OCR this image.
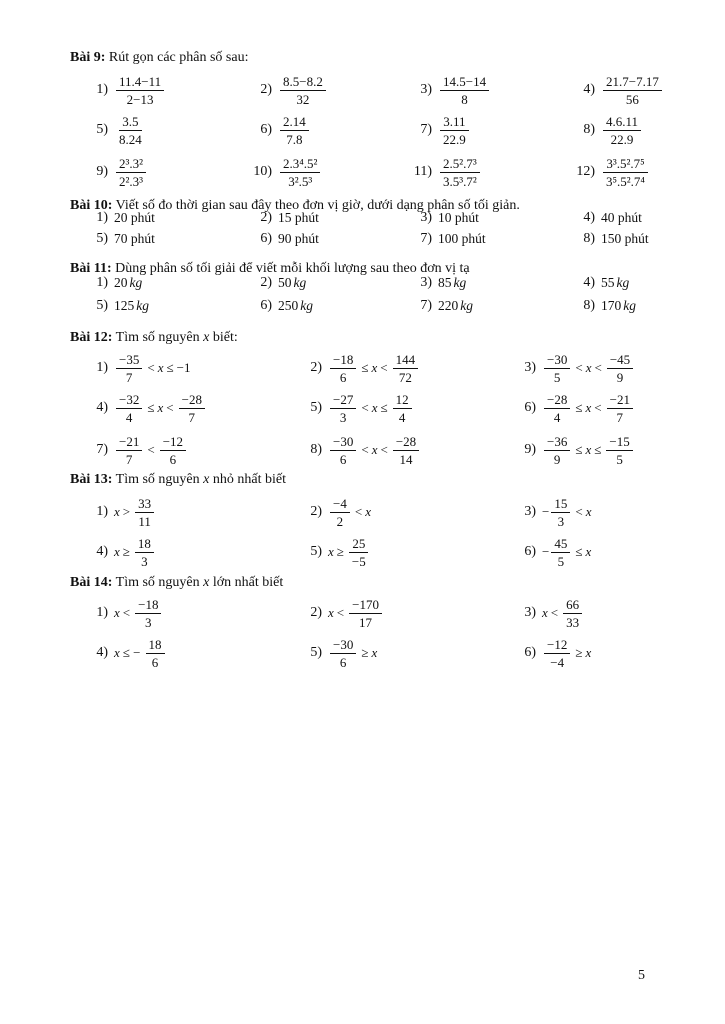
Bài 9: Rút gọn các phân số sau:
$1) \frac{11.4-11}{2-13}$	$2) \frac{8.5-8.2}{32}$	$3) \frac{14.5-14}{8}$	$4) \frac{21.7-7.17}{56}$
$5) \frac{3.5}{8.24}$	$6) \frac{2.14}{7.8}$	$7) \frac{3.11}{22.9}$	$8) \frac{4.6.11}{22.9}$
$9) \frac{\text{2³.3²}}{\text{2².3³}}$	$10) \frac{\text{2.3⁴.5²}}{\text{3².5³}}$	$11) \frac{\text{2.5².7³}}{\text{3.5³.7²}}$	$12) \frac{\text{3³.5².7⁵}}{\text{3⁵.5².7⁴}}$
Bài 10: Viết số đo thời gian sau đây theo đơn vị giờ, dưới dạng phân số tối giản.
1) 20 phút	2) 15 phút	3) 10 phút	4) 40 phút
5) 70 phút	6) 90 phút	7) 100 phút	8) 150 phút
Bài 11: Dùng phân số tối giải để viết mỗi khối lượng sau theo đơn vị tạ
1) 20 kg	2) 50 kg	3) 85 kg	4) 55 kg
5) 125 kg	6) 250 kg	7) 220 kg	8) 170 kg
Bài 12: Tìm số nguyên x biết:
$1) \frac{-35}{7} < x \le -1$	$2) \frac{-18}{6} \le x < \frac{144}{72}$	$3) \frac{-30}{5} < x < \frac{-45}{9}$
$4) \frac{-32}{4} \le x < \frac{-28}{7}$	$5) \frac{-27}{3} < x \le \frac{12}{4}$	$6) \frac{-28}{4} \le x < \frac{-21}{7}$
$7) \frac{-21}{7} < \frac{-12}{6}$	$8) \frac{-30}{6} < x < \frac{-28}{14}$	$9) \frac{-36}{9} \le x \le \frac{-15}{5}$
Bài 13: Tìm số nguyên x nhỏ nhất biết
1) $x > \frac{33}{11}$	$2) \frac{-4}{2} < x$	$3) - \frac{15}{3} < x$
4) $x \ge \frac{18}{3}$	5) $x \ge \frac{25}{-5}$	$6) - \frac{45}{5} \le x$
Bài 14: Tìm số nguyên x lớn nhất biết
1) $x < \frac{-18}{3}$	2) $x < \frac{-170}{17}$	3) $x < \frac{66}{33}$
4) x ≤ − $\frac{18}{6}$	$5) \frac{-30}{6} \ge x$	$6) \frac{-12}{-4} \ge x$
5
